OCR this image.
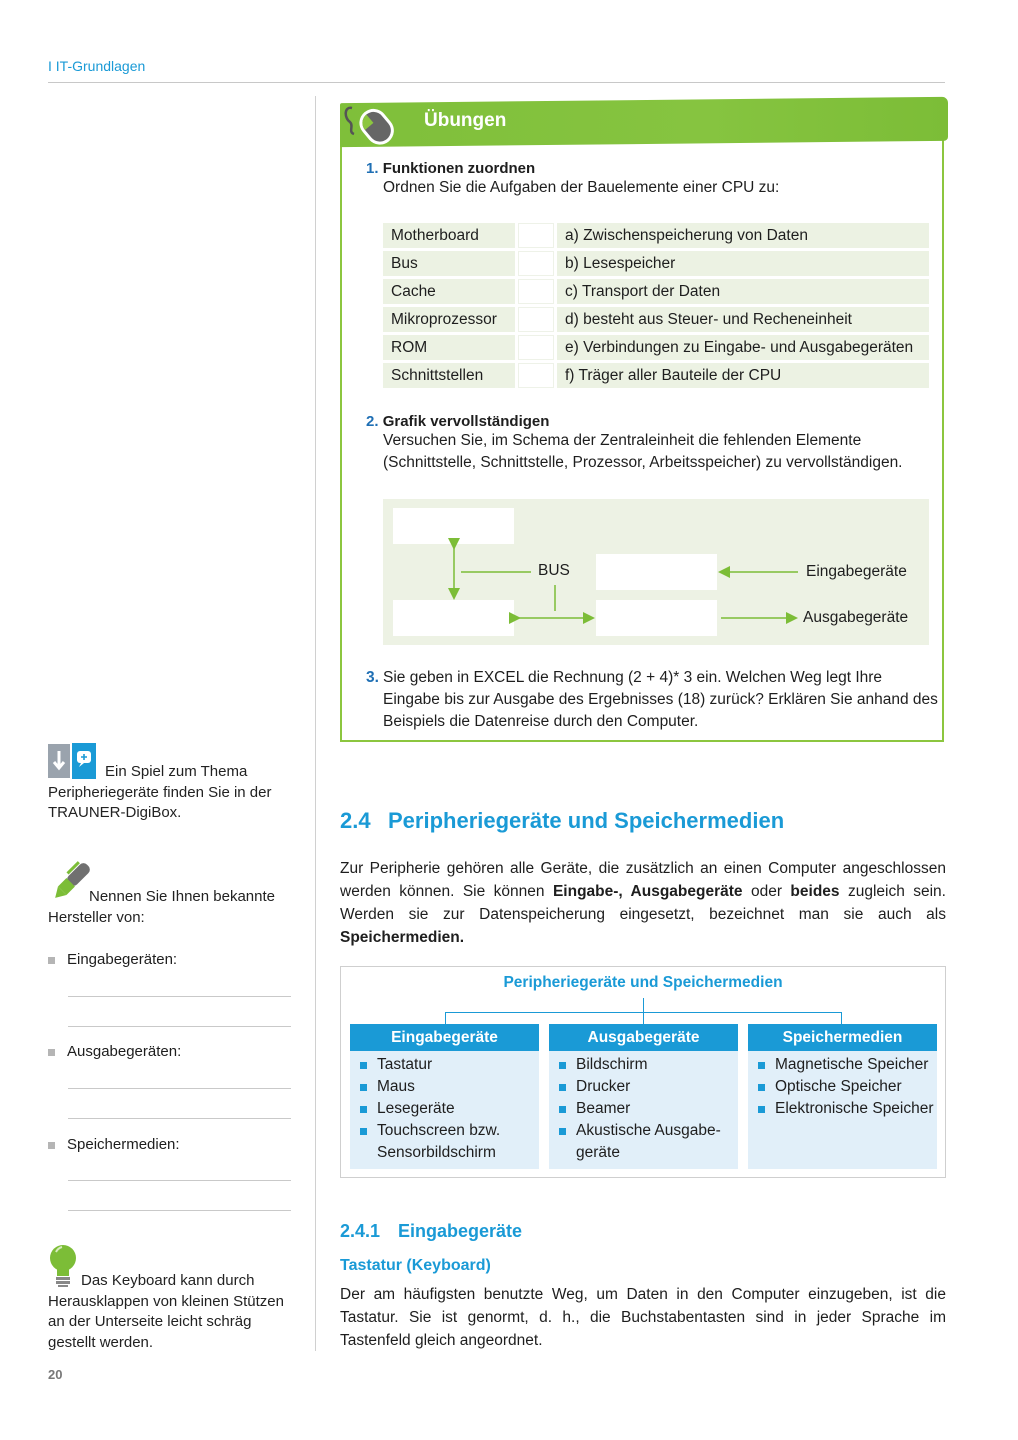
I IT-Grundlagen
Übungen
1. Funktionen zuordnen
Ordnen Sie die Aufgaben der Bauelemente einer CPU zu:
Motherboard	a) Zwischenspeicherung von Daten
Bus	b) Lesespeicher
Cache	c) Transport der Daten
Mikroprozessor	d) besteht aus Steuer- und Recheneinheit
ROM	e) Verbindungen zu Eingabe- und Ausgabegeräten
Schnittstellen	f) Träger aller Bauteile der CPU
2. Grafik vervollständigen
Versuchen Sie, im Schema der Zentraleinheit die fehlenden Elemente (Schnittstelle, Schnittstelle, Prozessor, Arbeitsspeicher) zu vervollständigen.
BUS	Eingabegeräte
Ausgabegeräte
3. Sie geben in EXCEL die Rechnung (2 + 4)* 3 ein. Welchen Weg legt Ihre Eingabe bis zur Ausgabe des Ergebnisses (18) zurück? Erklären Sie anhand des Beispiels die Datenreise durch den Computer.
2.4 Peripheriegeräte und Speichermedien
Zur Peripherie gehören alle Geräte, die zusätzlich an einen Computer angeschlossen werden können. Sie können Eingabe-, Ausgabegeräte oder beides zugleich sein. Werden sie zur Datenspeicherung eingesetzt, bezeichnet man sie auch als Speichermedien.
Peripheriegeräte und Speichermedien
Eingabegeräte
Tastatur
Maus
Lesegeräte
Touchscreen bzw. Sensorbildschirm
Ausgabegeräte
Bildschirm
Drucker
Beamer
Akustische Ausgabe-geräte
Speichermedien
Magnetische Speicher
Optische Speicher
Elektronische Speicher
2.4.1 Eingabegeräte
Tastatur (Keyboard)
Der am häufigsten benutzte Weg, um Daten in den Computer einzugeben, ist die Tastatur. Sie ist genormt, d. h., die Buchstabentasten sind in jeder Sprache im Tastenfeld gleich angeordnet.
Ein Spiel zum Thema Peripheriegeräte finden Sie in der TRAUNER-DigiBox.
Nennen Sie Ihnen bekannte Hersteller von:
Eingabegeräten:
Ausgabegeräten:
Speichermedien:
Das Keyboard kann durch Herausklappen von kleinen Stützen an der Unterseite leicht schräg gestellt werden.
20
